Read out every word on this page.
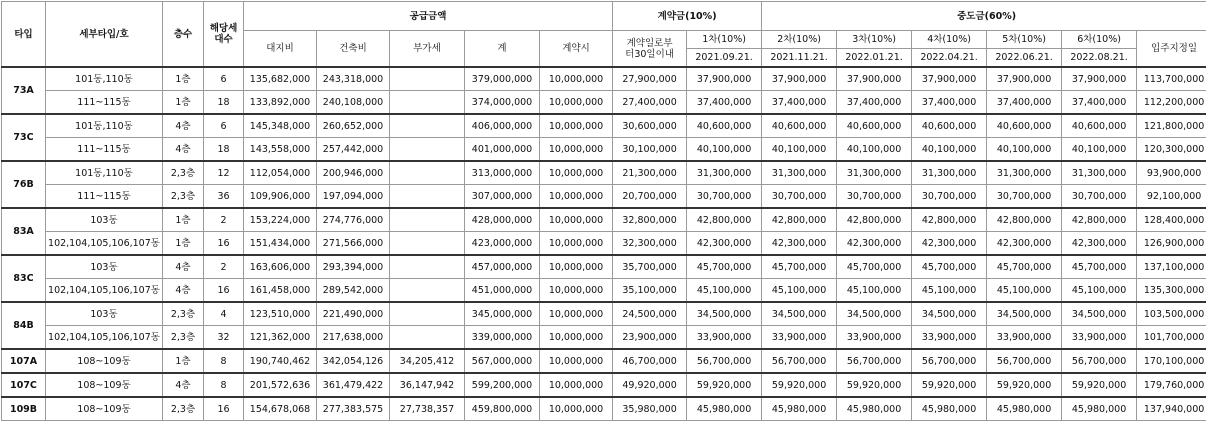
타입	세부타입/호	층수	해당세대수	공급금액					계약금(10%)		중도금(60%)	
				대지비	건축비	부가세	계	계약시	계약일로부터30일이내	1차(10%)	2차(10%)	3차(10%)	4차(10%)	5차(10%)	6차(10%)	입주지정일	
										2021.09.21.	2021.11.21.	2022.01.21.	2022.04.21.	2022.06.21.	2022.08.21.		
73A	101동,110동	1층	6	135,682,000	243,318,000		379,000,000	10,000,000	27,900,000	37,900,000	37,900,000	37,900,000	37,900,000	37,900,000	37,900,000	113,700,000	
	111~115동	1층	18	133,892,000	240,108,000		374,000,000	10,000,000	27,400,000	37,400,000	37,400,000	37,400,000	37,400,000	37,400,000	37,400,000	112,200,000	
73C	101동,110동	4층	6	145,348,000	260,652,000		406,000,000	10,000,000	30,600,000	40,600,000	40,600,000	40,600,000	40,600,000	40,600,000	40,600,000	121,800,000	
	111~115동	4층	18	143,558,000	257,442,000		401,000,000	10,000,000	30,100,000	40,100,000	40,100,000	40,100,000	40,100,000	40,100,000	40,100,000	120,300,000	
76B	101동,110동	2,3층	12	112,054,000	200,946,000		313,000,000	10,000,000	21,300,000	31,300,000	31,300,000	31,300,000	31,300,000	31,300,000	31,300,000	93,900,000	
	111~115동	2,3층	36	109,906,000	197,094,000		307,000,000	10,000,000	20,700,000	30,700,000	30,700,000	30,700,000	30,700,000	30,700,000	30,700,000	92,100,000	
83A	103동	1층	2	153,224,000	274,776,000		428,000,000	10,000,000	32,800,000	42,800,000	42,800,000	42,800,000	42,800,000	42,800,000	42,800,000	128,400,000	
	102,104,105,106,107동	1층	16	151,434,000	271,566,000		423,000,000	10,000,000	32,300,000	42,300,000	42,300,000	42,300,000	42,300,000	42,300,000	42,300,000	126,900,000	
83C	103동	4층	2	163,606,000	293,394,000		457,000,000	10,000,000	35,700,000	45,700,000	45,700,000	45,700,000	45,700,000	45,700,000	45,700,000	137,100,000	
	102,104,105,106,107동	4층	16	161,458,000	289,542,000		451,000,000	10,000,000	35,100,000	45,100,000	45,100,000	45,100,000	45,100,000	45,100,000	45,100,000	135,300,000	
84B	103동	2,3층	4	123,510,000	221,490,000		345,000,000	10,000,000	24,500,000	34,500,000	34,500,000	34,500,000	34,500,000	34,500,000	34,500,000	103,500,000	
	102,104,105,106,107동	2,3층	32	121,362,000	217,638,000		339,000,000	10,000,000	23,900,000	33,900,000	33,900,000	33,900,000	33,900,000	33,900,000	33,900,000	101,700,000	
107A	108~109동	1층	8	190,740,462	342,054,126	34,205,412	567,000,000	10,000,000	46,700,000	56,700,000	56,700,000	56,700,000	56,700,000	56,700,000	56,700,000	170,100,000	
107C	108~109동	4층	8	201,572,636	361,479,422	36,147,942	599,200,000	10,000,000	49,920,000	59,920,000	59,920,000	59,920,000	59,920,000	59,920,000	59,920,000	179,760,000	
109B	108~109동	2,3층	16	154,678,068	277,383,575	27,738,357	459,800,000	10,000,000	35,980,000	45,980,000	45,980,000	45,980,000	45,980,000	45,980,000	45,980,000	137,940,000	
